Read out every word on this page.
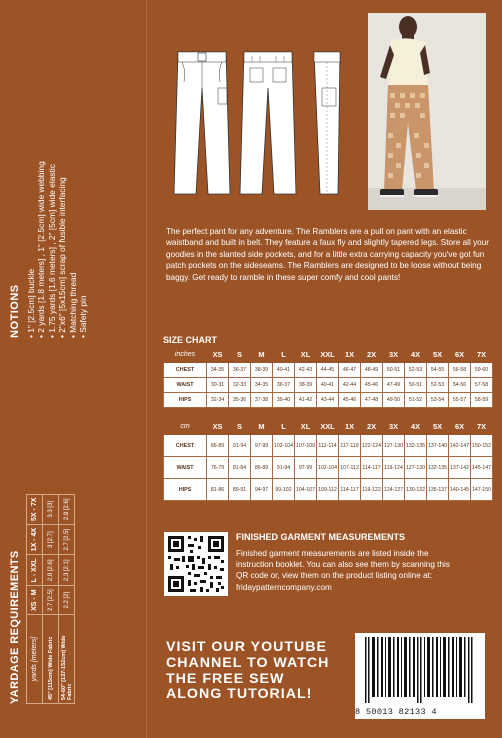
NOTIONS • 1" [2.5cm] buckle • 2 yards [1.8 meters] , 1" [2.5cm] wide webbing • 1.75 yards [1.6 meters] , 2" [5cm] wide elastic • 2"x6" [5x15cm] scrap of fusible interfacing • Matching thread • Safety pin
YARDAGE REQUIREMENTS yards [meters]	XS - M	L - XXL	1X - 4X	5X - 7X
45" [115cm] Wide Fabric	2.7 [2.5]	2.8 [2.6]	3 [2.7]	3.3 [3]
54-60" [137-152cm] Wide Fabric	2.2 [2]	2.3 [2.1]	2.7 [2.5]	2.8 [2.6]

The perfect pant for any adventure. The Ramblers are a pull on pant with an elastic waistband and built in belt. They feature a faux fly and slightly tapered legs. Store all your goodies in the slanted side pockets, and for a little extra carrying capacity you've got fun patch pockets on the sideseams. The Ramblers are designed to be loose without being baggy. Get ready to ramble in these super comfy and cool pants!

SIZE CHART
inches	XS	S	M	L	XL	XXL	1X	2X	3X	4X	5X	6X	7X
CHEST	34-35	36-37	38-39	40-41	42-43	44-45	46-47	48-49	50-51	52-53	54-55	56-58	59-60
WAIST	30-31	32-33	34-35	36-37	38-39	40-41	42-44	45-46	47-49	50-51	52-53	54-56	57-58
HIPS	32-34	35-36	37-38	39-40	41-42	43-44	45-46	47-48	49-50	51-52	53-54	55-57	58-59
cm	XS	S	M	L	XL	XXL	1X	2X	3X	4X	5X	6X	7X
CHEST	86-89	91-94	97-99	102-104	107-109	112-114	117-119	122-124	127-130	132-135	137-140	142-147	150-152
WAIST	76-79	81-84	86-89	91-94	97-99	102-104	107-112	114-117	119-124	127-130	132-135	137-142	145-147
HIPS	81-86	89-91	94-97	99-102	104-107	109-112	114-117	119-122	124-127	130-132	135-137	140-145	147-150
FINISHED GARMENT MEASUREMENTS

Finished garment measurements are listed inside the
instruction booklet. You can also see them by scanning this
QR code or, view them on the product listing online at:
fridaypatterncompany.com

VISIT OUR YOUTUBE
CHANNEL TO WATCH
THE FREE SEW
ALONG TUTORIAL!

8 50013 82133 4
